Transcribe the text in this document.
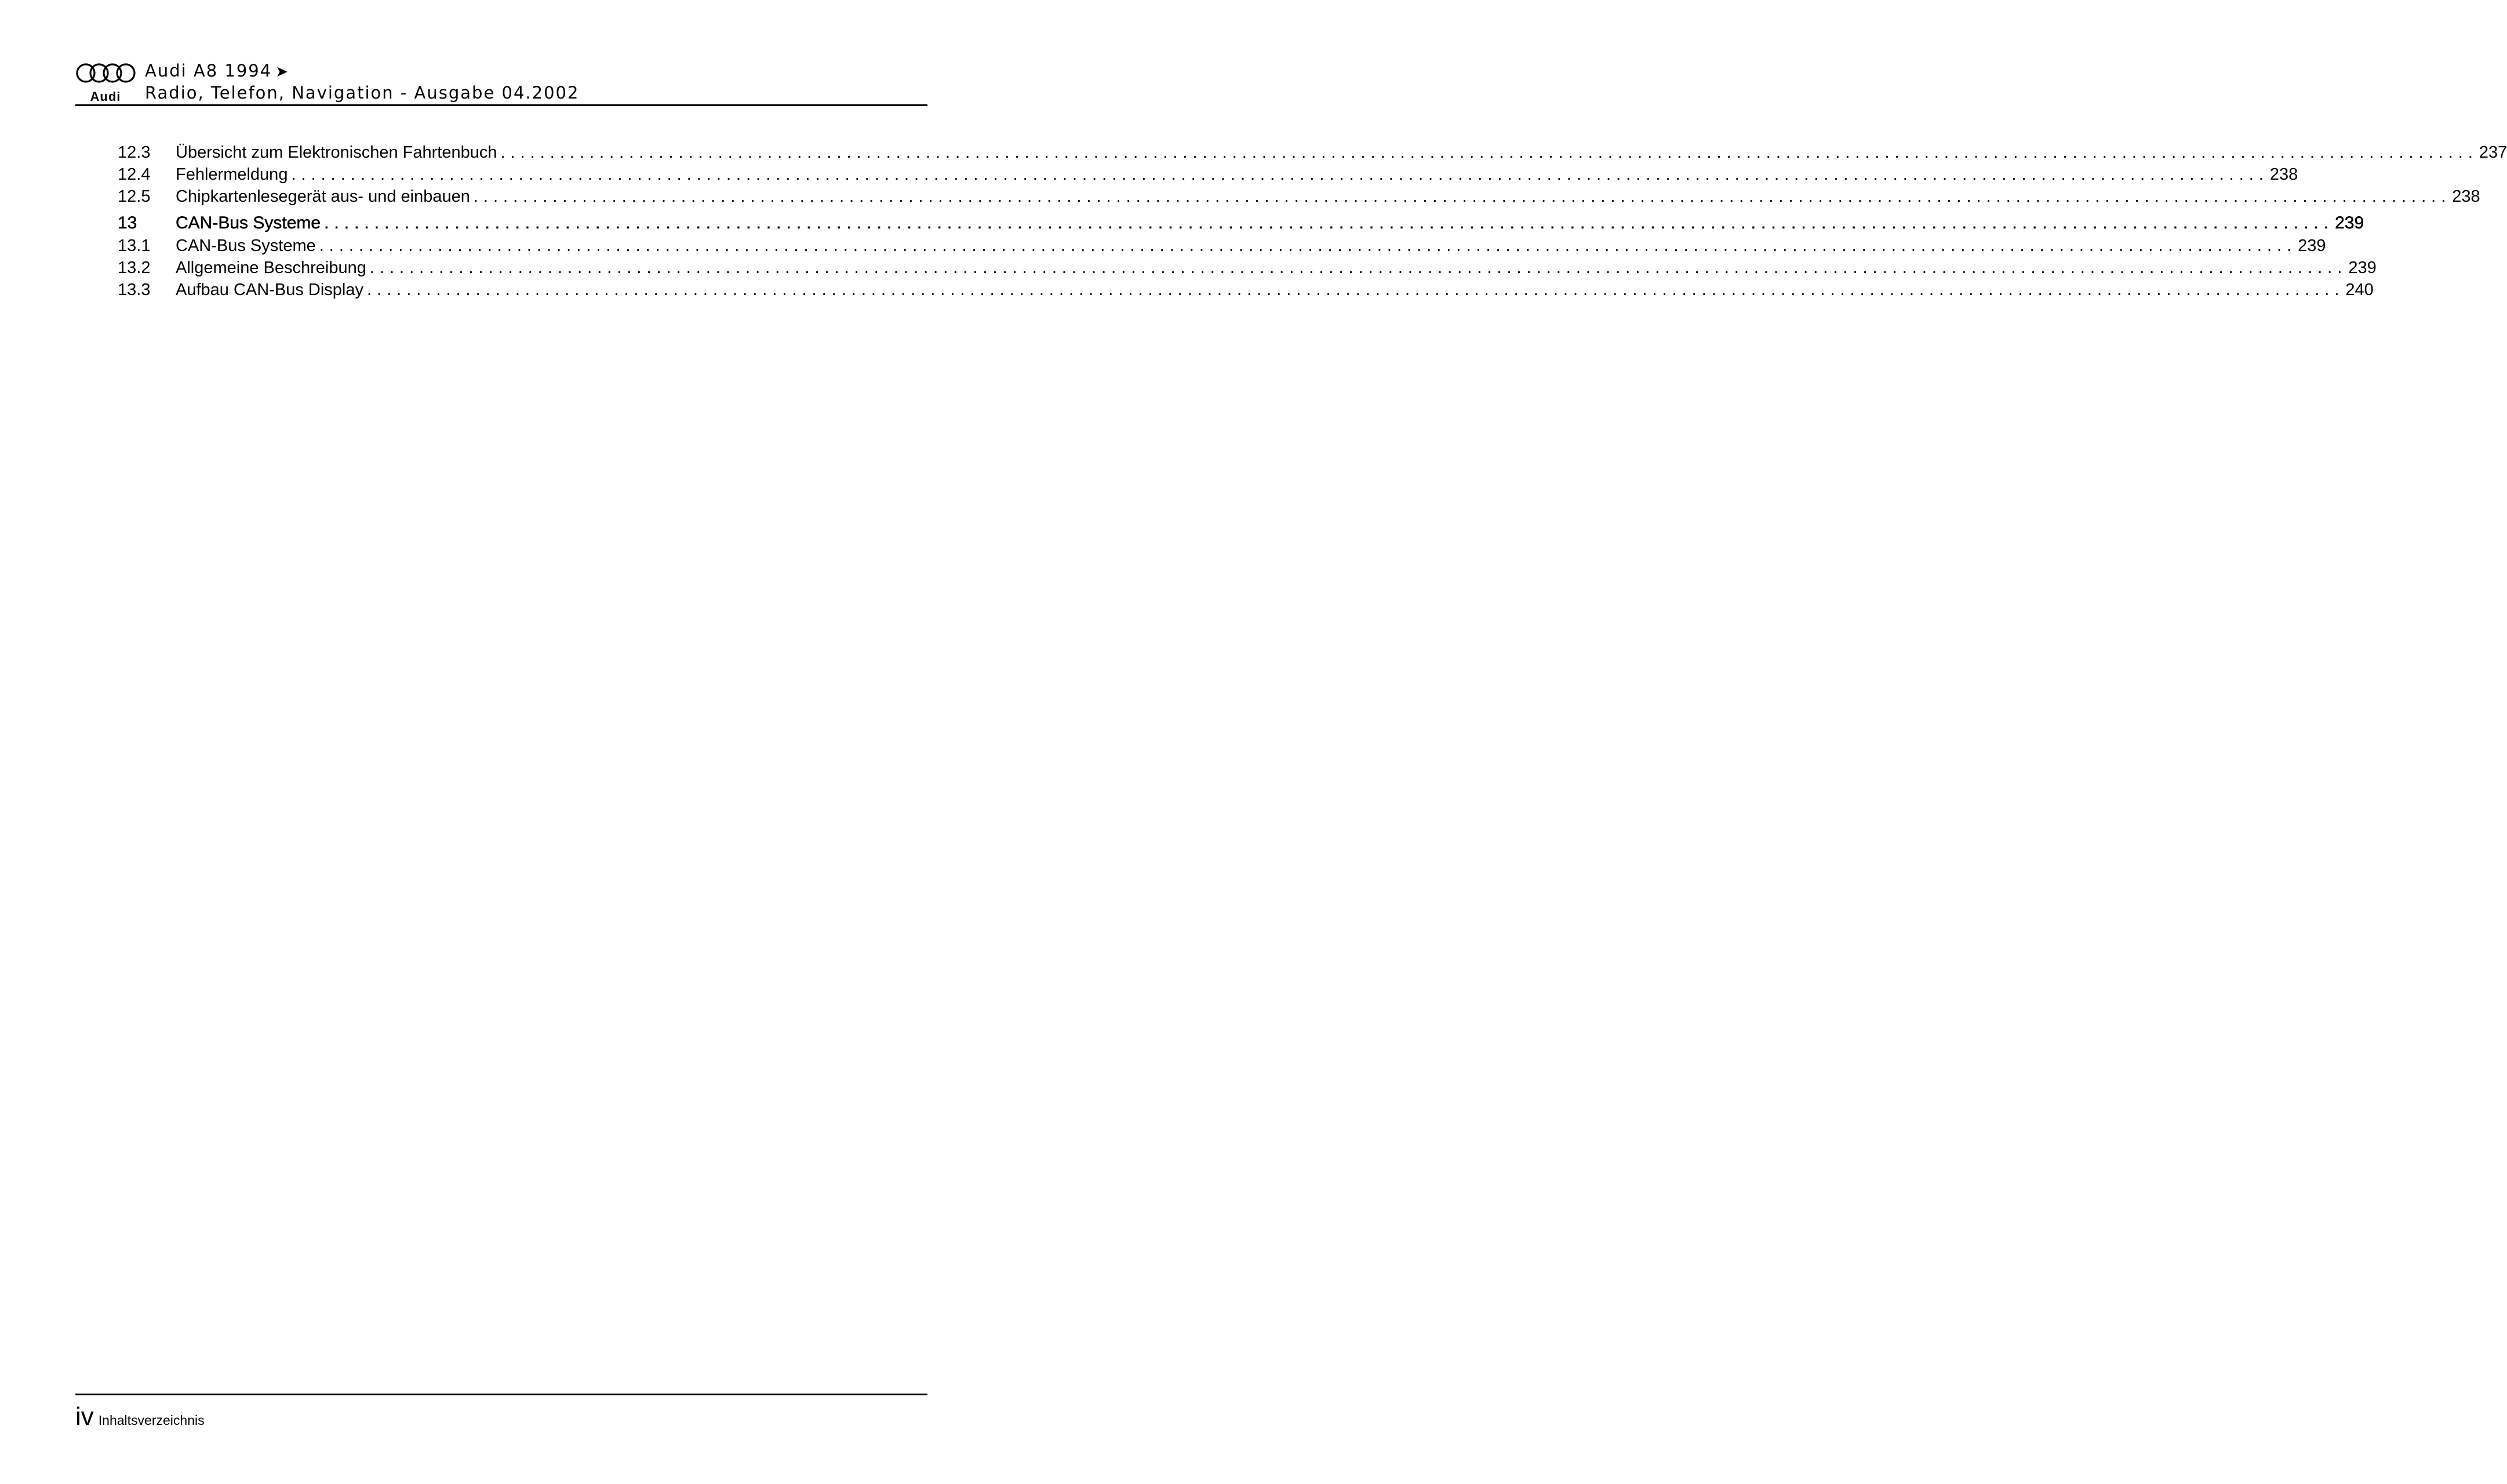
Audi
Audi A8 1994 ➤
Radio, Telefon, Navigation - Ausgabe 04.2002
12.3	Übersicht zum Elektronischen Fahrtenbuch ........................................................................................................................................................................................................ 237
12.4	Fehlermeldung ........................................................................................................................................................................................................ 238
12.5	Chipkartenlesegerät aus- und einbauen ........................................................................................................................................................................................................ 238
13	CAN-Bus Systeme ........................................................................................................................................................................................................ 239
13.1	CAN-Bus Systeme ........................................................................................................................................................................................................ 239
13.2	Allgemeine Beschreibung ........................................................................................................................................................................................................ 239
13.3	Aufbau CAN-Bus Display ........................................................................................................................................................................................................ 240
iv Inhaltsverzeichnis
